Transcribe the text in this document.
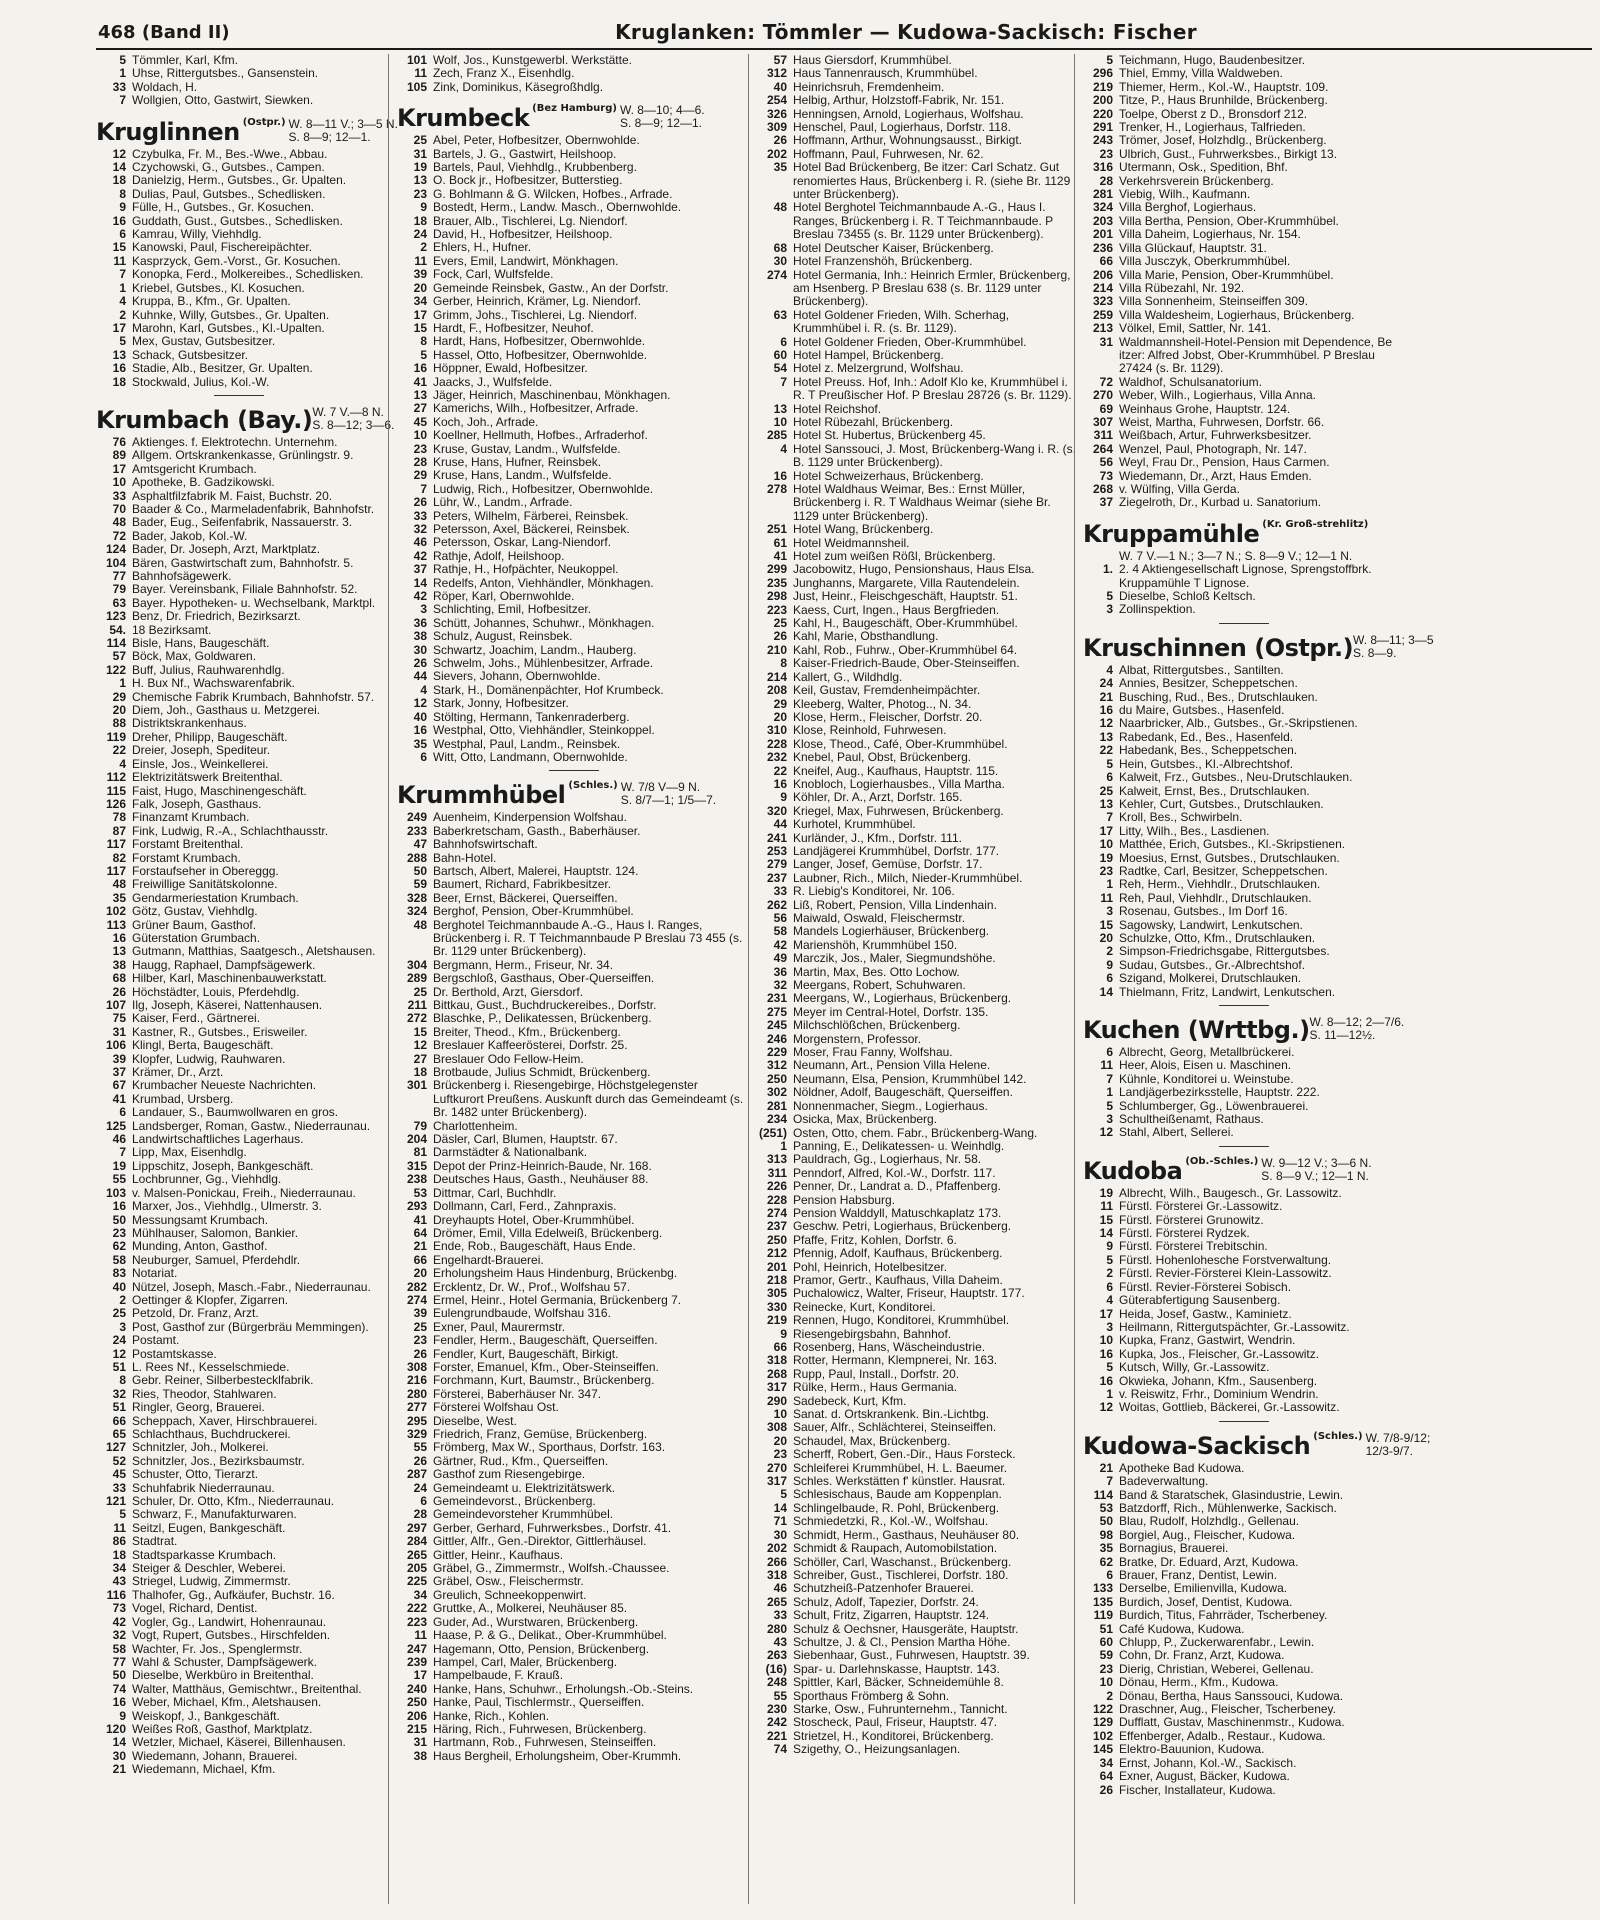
468 (Band II)	Kruglanken: Tömmler — Kudowa-Sackisch: Fischer
5 Tömmler, Karl, Kfm.
1 Uhse, Rittergutsbes., Gansenstein.
33 Woldach, H.
7 Wollgien, Otto, Gastwirt, Siewken.
Kruglinnen (Ostpr.) W. 8—11 V.; 3—5 N.
S. 8—9; 12—1.
12 Czybulka, Fr. M., Bes.-Wwe., Abbau.
14 Czychowski, G., Gutsbes., Campen.
18 Danielzig, Herm., Gutsbes., Gr. Upalten.
8 Dulias, Paul, Gutsbes., Schedlisken.
9 Fülle, H., Gutsbes., Gr. Kosuchen.
16 Guddath, Gust., Gutsbes., Schedlisken.
6 Kamrau, Willy, Viehhdlg.
15 Kanowski, Paul, Fischereipächter.
11 Kasprzyck, Gem.-Vorst., Gr. Kosuchen.
7 Konopka, Ferd., Molkereibes., Schedlisken.
1 Kriebel, Gutsbes., Kl. Kosuchen.
4 Kruppa, B., Kfm., Gr. Upalten.
2 Kuhnke, Willy, Gutsbes., Gr. Upalten.
17 Marohn, Karl, Gutsbes., Kl.-Upalten.
5 Mex, Gustav, Gutsbesitzer.
13 Schack, Gutsbesitzer.
16 Stadie, Alb., Besitzer, Gr. Upalten.
18 Stockwald, Julius, Kol.-W.
Krumbach (Bay.) W. 7 V.—8 N.
S. 8—12; 3—6.
76 Aktienges. f. Elektrotechn. Unternehm.
89 Allgem. Ortskrankenkasse, Grünlingstr. 9.
17 Amtsgericht Krumbach.
10 Apotheke, B. Gadzikowski.
33 Asphaltfilzfabrik M. Faist, Buchstr. 20.
70 Baader & Co., Marmeladenfabrik, Bahnhofstr.
48 Bader, Eug., Seifenfabrik, Nassauerstr. 3.
72 Bader, Jakob, Kol.-W.
124 Bader, Dr. Joseph, Arzt, Marktplatz.
104 Bären, Gastwirtschaft zum, Bahnhofstr. 5.
77 Bahnhofsägewerk.
79 Bayer. Vereinsbank, Filiale Bahnhofstr. 52.
63 Bayer. Hypotheken- u. Wechselbank, Marktpl.
123 Benz, Dr. Friedrich, Bezirksarzt.
54. 18 Bezirksamt.
114 Bisle, Hans, Baugeschäft.
57 Böck, Max, Goldwaren.
122 Buff, Julius, Rauhwarenhdlg.
1 H. Bux Nf., Wachswarenfabrik.
29 Chemische Fabrik Krumbach, Bahnhofstr. 57.
20 Diem, Joh., Gasthaus u. Metzgerei.
88 Distriktskrankenhaus.
119 Dreher, Philipp, Baugeschäft.
22 Dreier, Joseph, Spediteur.
4 Einsle, Jos., Weinkellerei.
112 Elektrizitätswerk Breitenthal.
115 Faist, Hugo, Maschinengeschäft.
126 Falk, Joseph, Gasthaus.
78 Finanzamt Krumbach.
87 Fink, Ludwig, R.-A., Schlachthausstr.
117 Forstamt Breitenthal.
82 Forstamt Krumbach.
117 Forstaufseher in Obereggg.
48 Freiwillige Sanitätskolonne.
35 Gendarmeriestation Krumbach.
102 Götz, Gustav, Viehhdlg.
113 Grüner Baum, Gasthof.
16 Güterstation Grumbach.
13 Gutmann, Matthias, Saatgesch., Aletshausen.
38 Haugg, Raphael, Dampfsägewerk.
68 Hilber, Karl, Maschinenbauwerkstatt.
26 Höchstädter, Louis, Pferdehdlg.
107 Ilg, Joseph, Käserei, Nattenhausen.
75 Kaiser, Ferd., Gärtnerei.
31 Kastner, R., Gutsbes., Erisweiler.
106 Klingl, Berta, Baugeschäft.
39 Klopfer, Ludwig, Rauhwaren.
37 Krämer, Dr., Arzt.
67 Krumbacher Neueste Nachrichten.
41 Krumbad, Ursberg.
6 Landauer, S., Baumwollwaren en gros.
125 Landsberger, Roman, Gastw., Niederraunau.
46 Landwirtschaftliches Lagerhaus.
7 Lipp, Max, Eisenhdlg.
19 Lippschitz, Joseph, Bankgeschäft.
55 Lochbrunner, Gg., Viehhdlg.
103 v. Malsen-Ponickau, Freih., Niederraunau.
16 Marxer, Jos., Viehhdlg., Ulmerstr. 3.
50 Messungsamt Krumbach.
23 Mühlhauser, Salomon, Bankier.
62 Munding, Anton, Gasthof.
58 Neuburger, Samuel, Pferdehdlr.
83 Notariat.
40 Nützel, Joseph, Masch.-Fabr., Niederraunau.
2 Oettinger & Klopfer, Zigarren.
25 Petzold, Dr. Franz, Arzt.
3 Post, Gasthof zur (Bürgerbräu Memmingen).
24 Postamt.
12 Postamtskasse.
51 L. Rees Nf., Kesselschmiede.
8 Gebr. Reiner, Silberbestecklfabrik.
32 Ries, Theodor, Stahlwaren.
51 Ringler, Georg, Brauerei.
66 Scheppach, Xaver, Hirschbrauerei.
65 Schlachthaus, Buchdruckerei.
127 Schnitzler, Joh., Molkerei.
52 Schnitzler, Jos., Bezirksbaumstr.
45 Schuster, Otto, Tierarzt.
33 Schuhfabrik Niederraunau.
121 Schuler, Dr. Otto, Kfm., Niederraunau.
5 Schwarz, F., Manufakturwaren.
11 Seitzl, Eugen, Bankgeschäft.
86 Stadtrat.
18 Stadtsparkasse Krumbach.
34 Steiger & Deschler, Weberei.
43 Striegel, Ludwig, Zimmermstr.
116 Thalhofer, Gg., Aufkäufer, Buchstr. 16.
73 Vogel, Richard, Dentist.
42 Vogler, Gg., Landwirt, Hohenraunau.
32 Vogt, Rupert, Gutsbes., Hirschfelden.
58 Wachter, Fr. Jos., Spenglermstr.
77 Wahl & Schuster, Dampfsägewerk.
50 Dieselbe, Werkbüro in Breitenthal.
74 Walter, Matthäus, Gemischtwr., Breitenthal.
16 Weber, Michael, Kfm., Aletshausen.
9 Weiskopf, J., Bankgeschäft.
120 Weißes Roß, Gasthof, Marktplatz.
14 Wetzler, Michael, Käserei, Billenhausen.
30 Wiedemann, Johann, Brauerei.
21 Wiedemann, Michael, Kfm.
101 Wolf, Jos., Kunstgewerbl. Werkstätte.
11 Zech, Franz X., Eisenhdlg.
105 Zink, Dominikus, Käsegroßhdlg.
Krumbeck (Bez Hamburg) W. 8—10; 4—6.
S. 8—9; 12—1.
25 Abel, Peter, Hofbesitzer, Obernwohlde.
31 Bartels, J. G., Gastwirt, Heilshoop.
19 Bartels, Paul, Viehhdlg., Krubbenberg.
13 O. Bock jr., Hofbesitzer, Butterstieg.
23 G. Bohlmann & G. Wilcken, Hofbes., Arfrade.
9 Bostedt, Herm., Landw. Masch., Obernwohlde.
18 Brauer, Alb., Tischlerei, Lg. Niendorf.
24 David, H., Hofbesitzer, Heilshoop.
2 Ehlers, H., Hufner.
11 Evers, Emil, Landwirt, Mönkhagen.
39 Fock, Carl, Wulfsfelde.
20 Gemeinde Reinsbek, Gastw., An der Dorfstr.
34 Gerber, Heinrich, Krämer, Lg. Niendorf.
17 Grimm, Johs., Tischlerei, Lg. Niendorf.
15 Hardt, F., Hofbesitzer, Neuhof.
8 Hardt, Hans, Hofbesitzer, Obernwohlde.
5 Hassel, Otto, Hofbesitzer, Obernwohlde.
16 Höppner, Ewald, Hofbesitzer.
41 Jaacks, J., Wulfsfelde.
13 Jäger, Heinrich, Maschinenbau, Mönkhagen.
27 Kamerichs, Wilh., Hofbesitzer, Arfrade.
45 Koch, Joh., Arfrade.
10 Koellner, Hellmuth, Hofbes., Arfraderhof.
23 Kruse, Gustav, Landm., Wulfsfelde.
28 Kruse, Hans, Hufner, Reinsbek.
29 Kruse, Hans, Landm., Wulfsfelde.
7 Ludwig, Rich., Hofbesitzer, Obernwohlde.
26 Lühr, W., Landm., Arfrade.
33 Peters, Wilhelm, Färberei, Reinsbek.
32 Petersson, Axel, Bäckerei, Reinsbek.
46 Petersson, Oskar, Lang-Niendorf.
42 Rathje, Adolf, Heilshoop.
37 Rathje, H., Hofpächter, Neukoppel.
14 Redelfs, Anton, Viehhändler, Mönkhagen.
42 Röper, Karl, Obernwohlde.
3 Schlichting, Emil, Hofbesitzer.
36 Schütt, Johannes, Schuhwr., Mönkhagen.
38 Schulz, August, Reinsbek.
30 Schwartz, Joachim, Landm., Hauberg.
26 Schwelm, Johs., Mühlenbesitzer, Arfrade.
44 Sievers, Johann, Obernwohlde.
4 Stark, H., Domänenpächter, Hof Krumbeck.
12 Stark, Jonny, Hofbesitzer.
40 Stölting, Hermann, Tankenraderberg.
16 Westphal, Otto, Viehhändler, Steinkoppel.
35 Westphal, Paul, Landm., Reinsbek.
6 Witt, Otto, Landmann, Obernwohlde.
Krummhübel (Schles.) W. 7/8 V—9 N.
S. 8/7—1; 1/5—7.
249 Auenheim, Kinderpension Wolfshau.
233 Baberkretscham, Gasth., Baberhäuser.
47 Bahnhofswirtschaft.
288 Bahn-Hotel.
50 Bartsch, Albert, Malerei, Hauptstr. 124.
59 Baumert, Richard, Fabrikbesitzer.
328 Beer, Ernst, Bäckerei, Querseiffen.
324 Berghof, Pension, Ober-Krummhübel.
48 Berghotel Teichmannbaude A.-G., Haus I. Ranges, Brückenberg i. R. T Teichmannbaude P Breslau 73 455 (s. Br. 1129 unter Brückenberg).
304 Bergmann, Herm., Friseur, Nr. 34.
289 Bergschloß, Gasthaus, Ober-Querseiffen.
25 Dr. Berthold, Arzt, Giersdorf.
211 Bittkau, Gust., Buchdruckereibes., Dorfstr.
272 Blaschke, P., Delikatessen, Brückenberg.
15 Breiter, Theod., Kfm., Brückenberg.
12 Breslauer Kaffeerösterei, Dorfstr. 25.
27 Breslauer Odo Fellow-Heim.
18 Brotbaude, Julius Schmidt, Brückenberg.
301 Brückenberg i. Riesengebirge, Höchstgelegenster Luftkurort Preußens. Auskunft durch das Gemeindeamt (s. Br. 1482 unter Brückenberg).
79 Charlottenheim.
204 Däsler, Carl, Blumen, Hauptstr. 67.
81 Darmstädter & Nationalbank.
315 Depot der Prinz-Heinrich-Baude, Nr. 168.
238 Deutsches Haus, Gasth., Neuhäuser 88.
53 Dittmar, Carl, Buchhdlr.
293 Dollmann, Carl, Ferd., Zahnpraxis.
41 Dreyhaupts Hotel, Ober-Krummhübel.
64 Drömer, Emil, Villa Edelweiß, Brückenberg.
21 Ende, Rob., Baugeschäft, Haus Ende.
66 Engelhardt-Brauerei.
20 Erholungsheim Haus Hindenburg, Brückenbg.
282 Ercklentz, Dr. W., Prof., Wolfshau 57.
274 Ermel, Heinr., Hotel Germania, Brückenberg 7.
39 Eulengrundbaude, Wolfshau 316.
25 Exner, Paul, Maurermstr.
23 Fendler, Herm., Baugeschäft, Querseiffen.
26 Fendler, Kurt, Baugeschäft, Birkigt.
308 Forster, Emanuel, Kfm., Ober-Steinseiffen.
216 Forchmann, Kurt, Baumstr., Brückenberg.
280 Försterei, Baberhäuser Nr. 347.
277 Försterei Wolfshau Ost.
295 Dieselbe, West.
329 Friedrich, Franz, Gemüse, Brückenberg.
55 Frömberg, Max W., Sporthaus, Dorfstr. 163.
26 Gärtner, Rud., Kfm., Querseiffen.
287 Gasthof zum Riesengebirge.
24 Gemeindeamt u. Elektrizitätswerk.
6 Gemeindevorst., Brückenberg.
28 Gemeindevorsteher Krummhübel.
297 Gerber, Gerhard, Fuhrwerksbes., Dorfstr. 41.
284 Gittler, Alfr., Gen.-Direktor, Gittlerhäusel.
265 Gittler, Heinr., Kaufhaus.
205 Gräbel, G., Zimmermstr., Wolfsh.-Chaussee.
225 Gräbel, Osw., Fleischermstr.
34 Greulich, Schneekoppenwirt.
222 Gruttke, A., Molkerei, Neuhäuser 85.
223 Guder, Ad., Wurstwaren, Brückenberg.
11 Haase, P. & G., Delikat., Ober-Krummhübel.
247 Hagemann, Otto, Pension, Brückenberg.
239 Hampel, Carl, Maler, Brückenberg.
17 Hampelbaude, F. Krauß.
240 Hanke, Hans, Schuhwr., Erholungsh.-Ob.-Steins.
250 Hanke, Paul, Tischlermstr., Querseiffen.
206 Hanke, Rich., Kohlen.
215 Häring, Rich., Fuhrwesen, Brückenberg.
31 Hartmann, Rob., Fuhrwesen, Steinseiffen.
38 Haus Bergheil, Erholungsheim, Ober-Krummh.
57 Haus Giersdorf, Krummhübel.
312 Haus Tannenrausch, Krummhübel.
40 Heinrichsruh, Fremdenheim.
254 Helbig, Arthur, Holzstoff-Fabrik, Nr. 151.
326 Henningsen, Arnold, Logierhaus, Wolfshau.
309 Henschel, Paul, Logierhaus, Dorfstr. 118.
26 Hoffmann, Arthur, Wohnungsausst., Birkigt.
202 Hoffmann, Paul, Fuhrwesen, Nr. 62.
35 Hotel Bad Brückenberg, Be itzer: Carl Schatz. Gut renomiertes Haus, Brückenberg i. R. (siehe Br. 1129 unter Brückenberg).
48 Hotel Berghotel Teichmannbaude A.-G., Haus I. Ranges, Brückenberg i. R. T Teichmannbaude. P Breslau 73455 (s. Br. 1129 unter Brückenberg).
68 Hotel Deutscher Kaiser, Brückenberg.
30 Hotel Franzenshöh, Brückenberg.
274 Hotel Germania, Inh.: Heinrich Ermler, Brückenberg, am Hsenberg. P Breslau 638 (s. Br. 1129 unter Brückenberg).
63 Hotel Goldener Frieden, Wilh. Scherhag, Krummhübel i. R. (s. Br. 1129).
6 Hotel Goldener Frieden, Ober-Krummhübel.
60 Hotel Hampel, Brückenberg.
54 Hotel z. Melzergrund, Wolfshau.
7 Hotel Preuss. Hof, Inh.: Adolf Klo ke, Krummhübel i. R. T Preußischer Hof. P Breslau 28726 (s. Br. 1129).
13 Hotel Reichshof.
10 Hotel Rübezahl, Brückenberg.
285 Hotel St. Hubertus, Brückenberg 45.
4 Hotel Sanssouci, J. Most, Brückenberg-Wang i. R. (s. B. 1129 unter Brückenberg).
16 Hotel Schweizerhaus, Brückenberg.
278 Hotel Waldhaus Weimar, Bes.: Ernst Müller, Brückenberg i. R. T Waldhaus Weimar (siehe Br. 1129 unter Brückenberg).
251 Hotel Wang, Brückenberg.
61 Hotel Weidmannsheil.
41 Hotel zum weißen Rößl, Brückenberg.
299 Jacobowitz, Hugo, Pensionshaus, Haus Elsa.
235 Junghanns, Margarete, Villa Rautendelein.
298 Just, Heinr., Fleischgeschäft, Hauptstr. 51.
223 Kaess, Curt, Ingen., Haus Bergfrieden.
25 Kahl, H., Baugeschäft, Ober-Krummhübel.
26 Kahl, Marie, Obsthandlung.
210 Kahl, Rob., Fuhrw., Ober-Krummhübel 64.
8 Kaiser-Friedrich-Baude, Ober-Steinseiffen.
214 Kallert, G., Wildhdlg.
208 Keil, Gustav, Fremdenheimpächter.
29 Kleeberg, Walter, Photog.., N. 34.
20 Klose, Herm., Fleischer, Dorfstr. 20.
310 Klose, Reinhold, Fuhrwesen.
228 Klose, Theod., Café, Ober-Krummhübel.
232 Knebel, Paul, Obst, Brückenberg.
22 Kneifel, Aug., Kaufhaus, Hauptstr. 115.
16 Knobloch, Logierhausbes., Villa Martha.
9 Köhler, Dr. A., Arzt, Dorfstr. 165.
320 Kriegel, Max, Fuhrwesen, Brückenberg.
44 Kurhotel, Krummhübel.
241 Kurländer, J., Kfm., Dorfstr. 111.
253 Landjägerei Krummhübel, Dorfstr. 177.
279 Langer, Josef, Gemüse, Dorfstr. 17.
237 Laubner, Rich., Milch, Nieder-Krummhübel.
33 R. Liebig's Konditorei, Nr. 106.
262 Liß, Robert, Pension, Villa Lindenhain.
56 Maiwald, Oswald, Fleischermstr.
58 Mandels Logierhäuser, Brückenberg.
42 Marienshöh, Krummhübel 150.
49 Marczik, Jos., Maler, Siegmundshöhe.
36 Martin, Max, Bes. Otto Lochow.
32 Meergans, Robert, Schuhwaren.
231 Meergans, W., Logierhaus, Brückenberg.
275 Meyer im Central-Hotel, Dorfstr. 135.
245 Milchschlößchen, Brückenberg.
246 Morgenstern, Professor.
229 Moser, Frau Fanny, Wolfshau.
312 Neumann, Art., Pension Villa Helene.
250 Neumann, Elsa, Pension, Krummhübel 142.
302 Nöldner, Adolf, Baugeschäft, Querseiffen.
281 Nonnenmacher, Siegm., Logierhaus.
234 Osicka, Max, Brückenberg.
(251) Osten, Otto, chem. Fabr., Brückenberg-Wang.
1 Panning, E., Delikatessen- u. Weinhdlg.
313 Pauldrach, Gg., Logierhaus, Nr. 58.
311 Penndorf, Alfred, Kol.-W., Dorfstr. 117.
226 Penner, Dr., Landrat a. D., Pfaffenberg.
228 Pension Habsburg.
274 Pension Walddyll, Matuschkaplatz 173.
237 Geschw. Petri, Logierhaus, Brückenberg.
250 Pfaffe, Fritz, Kohlen, Dorfstr. 6.
212 Pfennig, Adolf, Kaufhaus, Brückenberg.
201 Pohl, Heinrich, Hotelbesitzer.
218 Pramor, Gertr., Kaufhaus, Villa Daheim.
305 Puchalowicz, Walter, Friseur, Hauptstr. 177.
330 Reinecke, Kurt, Konditorei.
219 Rennen, Hugo, Konditorei, Krummhübel.
9 Riesengebirgsbahn, Bahnhof.
66 Rosenberg, Hans, Wäscheindustrie.
318 Rotter, Hermann, Klempnerei, Nr. 163.
268 Rupp, Paul, Install., Dorfstr. 20.
317 Rülke, Herm., Haus Germania.
290 Sadebeck, Kurt, Kfm.
10 Sanat. d. Ortskrankenk. Bin.-Lichtbg.
308 Sauer, Alfr., Schlächterei, Steinseiffen.
20 Schaudel, Max, Brückenberg.
23 Scherff, Robert, Gen.-Dir., Haus Forsteck.
270 Schleiferei Krummhübel, H. L. Baeumer.
317 Schles. Werkstätten f' künstler. Hausrat.
5 Schlesischaus, Baude am Koppenplan.
14 Schlingelbaude, R. Pohl, Brückenberg.
71 Schmiedetzki, R., Kol.-W., Wolfshau.
30 Schmidt, Herm., Gasthaus, Neuhäuser 80.
202 Schmidt & Raupach, Automobilstation.
266 Schöller, Carl, Waschanst., Brückenberg.
318 Schreiber, Gust., Tischlerei, Dorfstr. 180.
46 Schutzheiß-Patzenhofer Brauerei.
265 Schulz, Adolf, Tapezier, Dorfstr. 24.
33 Schult, Fritz, Zigarren, Hauptstr. 124.
280 Schulz & Oechsner, Hausgeräte, Hauptstr.
43 Schultze, J. & Cl., Pension Martha Höhe.
263 Siebenhaar, Gust., Fuhrwesen, Hauptstr. 39.
(16) Spar- u. Darlehnskasse, Hauptstr. 143.
248 Spittler, Karl, Bäcker, Schneidemühle 8.
55 Sporthaus Frömberg & Sohn.
230 Starke, Osw., Fuhrunternehm., Tannicht.
242 Stoscheck, Paul, Friseur, Hauptstr. 47.
221 Strietzel, H., Konditorei, Brückenberg.
74 Szigethy, O., Heizungsanlagen.
5 Teichmann, Hugo, Baudenbesitzer.
296 Thiel, Emmy, Villa Waldweben.
219 Thiemer, Herm., Kol.-W., Hauptstr. 109.
200 Titze, P., Haus Brunhilde, Brückenberg.
220 Toelpe, Oberst z D., Bronsdorf 212.
291 Trenker, H., Logierhaus, Talfrieden.
243 Trömer, Josef, Holzhdlg., Brückenberg.
23 Ulbrich, Gust., Fuhrwerksbes., Birkigt 13.
316 Utermann, Osk., Spedition, Bhf.
28 Verkehrsverein Brückenberg.
281 Viebig, Wilh., Kaufmann.
324 Villa Berghof, Logierhaus.
203 Villa Bertha, Pension, Ober-Krummhübel.
201 Villa Daheim, Logierhaus, Nr. 154.
236 Villa Glückauf, Hauptstr. 31.
66 Villa Jusczyk, Oberkrummhübel.
206 Villa Marie, Pension, Ober-Krummhübel.
214 Villa Rübezahl, Nr. 192.
323 Villa Sonnenheim, Steinseiffen 309.
259 Villa Waldesheim, Logierhaus, Brückenberg.
213 Völkel, Emil, Sattler, Nr. 141.
31 Waldmannsheil-Hotel-Pension mit Dependence, Be itzer: Alfred Jobst, Ober-Krummhübel. P Breslau 27424 (s. Br. 1129).
72 Waldhof, Schulsanatorium.
270 Weber, Wilh., Logierhaus, Villa Anna.
69 Weinhaus Grohe, Hauptstr. 124.
307 Weist, Martha, Fuhrwesen, Dorfstr. 66.
311 Weißbach, Artur, Fuhrwerksbesitzer.
264 Wenzel, Paul, Photograph, Nr. 147.
56 Weyl, Frau Dr., Pension, Haus Carmen.
73 Wiedemann, Dr., Arzt, Haus Emden.
268 v. Wülfing, Villa Gerda.
37 Ziegelroth, Dr., Kurbad u. Sanatorium.
Kruppamühle (Kr. Groß-strehlitz)
W. 7 V.—1 N.; 3—7 N.; S. 8—9 V.; 12—1 N.
1. 2. 4 Aktiengesellschaft Lignose, Sprengstoffbrk.
Kruppamühle T Lignose.
5 Dieselbe, Schloß Keltsch.
3 Zollinspektion.
Kruschinnen (Ostpr.) W. 8—11; 3—5
S. 8—9.
4 Albat, Rittergutsbes., Santilten.
24 Annies, Besitzer, Scheppetschen.
21 Busching, Rud., Bes., Drutschlauken.
16 du Maire, Gutsbes., Hasenfeld.
12 Naarbricker, Alb., Gutsbes., Gr.-Skripstienen.
13 Rabedank, Ed., Bes., Hasenfeld.
22 Habedank, Bes., Scheppetschen.
5 Hein, Gutsbes., Kl.-Albrechtshof.
6 Kalweit, Frz., Gutsbes., Neu-Drutschlauken.
25 Kalweit, Ernst, Bes., Drutschlauken.
13 Kehler, Curt, Gutsbes., Drutschlauken.
7 Kroll, Bes., Schwirbeln.
17 Litty, Wilh., Bes., Lasdienen.
10 Matthée, Erich, Gutsbes., Kl.-Skripstienen.
19 Moesius, Ernst, Gutsbes., Drutschlauken.
23 Radtke, Carl, Besitzer, Scheppetschen.
1 Reh, Herm., Viehhdlr., Drutschlauken.
11 Reh, Paul, Viehhdlr., Drutschlauken.
3 Rosenau, Gutsbes., Im Dorf 16.
15 Sagowsky, Landwirt, Lenkutschen.
20 Schulzke, Otto, Kfm., Drutschlauken.
2 Simpson-Friedrichsgabe, Rittergutsbes.
9 Sudau, Gutsbes., Gr.-Albrechtshof.
6 Szigand, Molkerei, Drutschlauken.
14 Thielmann, Fritz, Landwirt, Lenkutschen.
Kuchen (Wrttbg.) W. 8—12; 2—7/6.
S. 11—12½.
6 Albrecht, Georg, Metallbrückerei.
11 Heer, Alois, Eisen u. Maschinen.
7 Kühnle, Konditorei u. Weinstube.
1 Landjägerbezirksstelle, Hauptstr. 222.
5 Schlumberger, Gg., Löwenbrauerei.
3 Schultheißenamt, Rathaus.
12 Stahl, Albert, Sellerei.
Kudoba (Ob.-Schles.) W. 9—12 V.; 3—6 N.
S. 8—9 V.; 12—1 N.
19 Albrecht, Wilh., Baugesch., Gr. Lassowitz.
11 Fürstl. Försterei Gr.-Lassowitz.
15 Fürstl. Försterei Grunowitz.
14 Fürstl. Försterei Rydzek.
9 Fürstl. Försterei Trebitschin.
5 Fürstl. Hohenlohesche Forstverwaltung.
2 Fürstl. Revier-Försterei Klein-Lassowitz.
6 Fürstl. Revier-Försterei Sobisch.
4 Güterabfertigung Sausenberg.
17 Heida, Josef, Gastw., Kaminietz.
3 Heilmann, Rittergutspächter, Gr.-Lassowitz.
10 Kupka, Franz, Gastwirt, Wendrin.
16 Kupka, Jos., Fleischer, Gr.-Lassowitz.
5 Kutsch, Willy, Gr.-Lassowitz.
16 Okwieka, Johann, Kfm., Sausenberg.
1 v. Reiswitz, Frhr., Dominium Wendrin.
12 Woitas, Gottlieb, Bäckerei, Gr.-Lassowitz.
Kudowa-Sackisch (Schles.) W. 7/8-9/12;
12/3-9/7.
21 Apotheke Bad Kudowa.
7 Badeverwaltung.
114 Band & Staratschek, Glasindustrie, Lewin.
53 Batzdorff, Rich., Mühlenwerke, Sackisch.
50 Blau, Rudolf, Holzhdlg., Gellenau.
98 Borgiel, Aug., Fleischer, Kudowa.
35 Bornagius, Brauerei.
62 Bratke, Dr. Eduard, Arzt, Kudowa.
6 Brauer, Franz, Dentist, Lewin.
133 Derselbe, Emilienvilla, Kudowa.
135 Burdich, Josef, Dentist, Kudowa.
119 Burdich, Titus, Fahrräder, Tscherbeney.
51 Café Kudowa, Kudowa.
60 Chlupp, P., Zuckerwarenfabr., Lewin.
59 Cohn, Dr. Franz, Arzt, Kudowa.
23 Dierig, Christian, Weberei, Gellenau.
10 Dönau, Herm., Kfm., Kudowa.
2 Dönau, Bertha, Haus Sanssouci, Kudowa.
122 Draschner, Aug., Fleischer, Tscherbeney.
129 Dufflatt, Gustav, Maschinenmstr., Kudowa.
102 Effenberger, Adalb., Restaur., Kudowa.
145 Elektro-Bauunion, Kudowa.
34 Ernst, Johann, Kol.-W., Sackisch.
64 Exner, August, Bäcker, Kudowa.
26 Fischer, Installateur, Kudowa.
